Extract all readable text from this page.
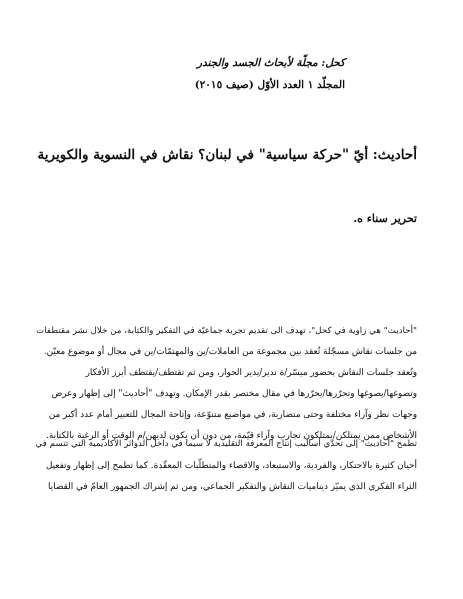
كحل: مجلّة لأبحاث الجسد والجندر
المجلّد ١ العدد الأوّل (صيف ٢٠١٥)
أحاديث: أيّ "حركة سياسية" في لبنان؟ نقاش في النسوية والكويرية
تحرير سناء ه.

"أحاديث" هي زاوية في كحل"، تهدف الى تقديم تجربة جماعيّة في التفكير والكتابة، من خلال نشر مقتطفات
من جلسات نقاش مسجّلة تُعقد بين مجموعة من العاملات/ين والمهتمّات/ين في مجال أو موضوع معيّن.
وتُعقد جلسات النقاش بحضور ميسّر/ة تدير/يدير الحوار، ومن ثم تقتطف/يقتطف أبرز الأفكار
وتصوغها/يصوغها وتحرّرها/يحرّرها في مقال مختصر بقدر الإمكان. وتهدف "أحاديث" إلى إظهار وعرض
وجهات نظر وآراء مختلفة وحتى متضاربة، في مواضيع متنوّعة، وإتاحة المجال للتعبير أمام عدد أكبر من
الأشخاص ممن يمتلكن/يمتلكون تجارب وآراء قيّمة، من دون أن يكون لديهن/م الوقت أو الرغبة بالكتابة.

تطمح "أحاديث" إلى تحدّي أساليب إنتاج المعرفة التقليدية لا سيما في داخل الدوائر الأكاديمية التي تتسم في
أحيان كثيرة بالاحتكار، والفردية، والاستبعاد، والاقصاء والمتطلّبات المعقّدة. كما تطمح إلى إظهار وتفعيل
الثراء الفكري الذي يميّز ديناميات النقاش والتفكير الجماعي، ومن ثم إشراك الجمهور العامّ في القضايا
